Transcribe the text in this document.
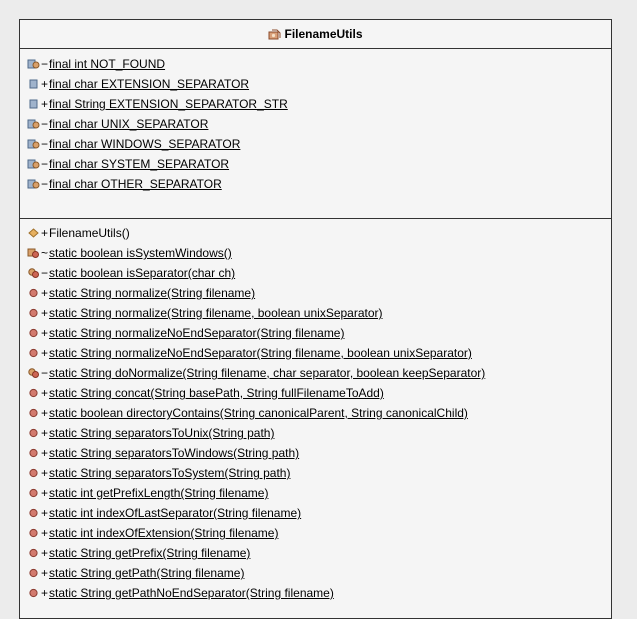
FilenameUtils
− final int NOT_FOUND
+ final char EXTENSION_SEPARATOR
+ final String EXTENSION_SEPARATOR_STR
− final char UNIX_SEPARATOR
− final char WINDOWS_SEPARATOR
− final char SYSTEM_SEPARATOR
− final char OTHER_SEPARATOR
+ FilenameUtils()
~ static boolean isSystemWindows()
− static boolean isSeparator(char ch)
+ static String normalize(String filename)
+ static String normalize(String filename, boolean unixSeparator)
+ static String normalizeNoEndSeparator(String filename)
+ static String normalizeNoEndSeparator(String filename, boolean unixSeparator)
− static String doNormalize(String filename, char separator, boolean keepSeparator)
+ static String concat(String basePath, String fullFilenameToAdd)
+ static boolean directoryContains(String canonicalParent, String canonicalChild)
+ static String separatorsToUnix(String path)
+ static String separatorsToWindows(String path)
+ static String separatorsToSystem(String path)
+ static int getPrefixLength(String filename)
+ static int indexOfLastSeparator(String filename)
+ static int indexOfExtension(String filename)
+ static String getPrefix(String filename)
+ static String getPath(String filename)
+ static String getPathNoEndSeparator(String filename)
